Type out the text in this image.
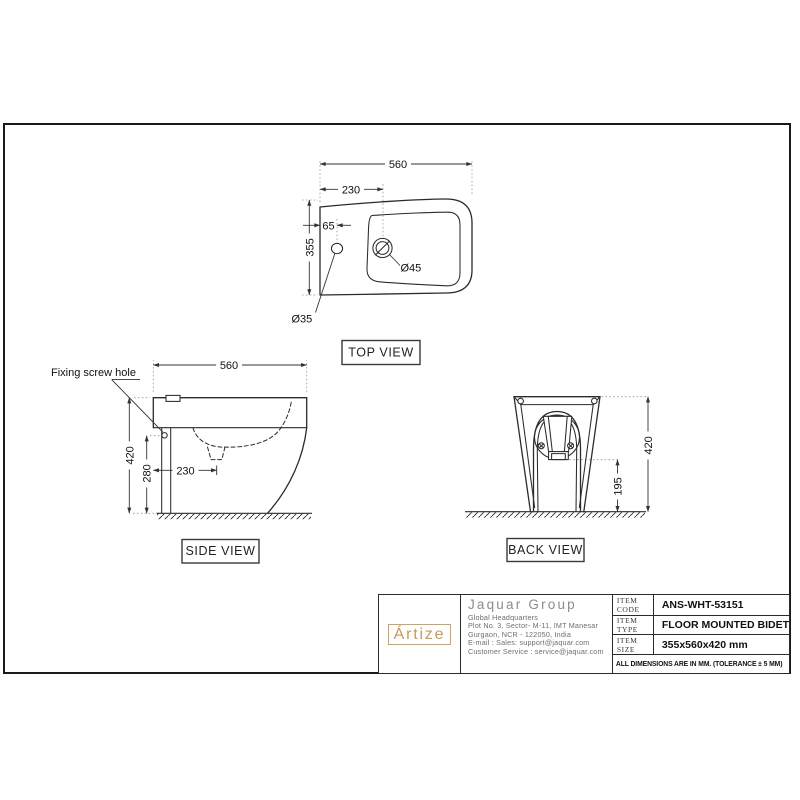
560
230
355
65
Ø45
Ø35
TOP VIEW
560
420
280 230
Fixing screw hole
SIDE VIEW
420
195
BACK VIEW
Ártize
Jaquar Group
Global Headquarters
Plot No. 3, Sector- M-11, IMT Manesar
Gurgaon, NCR - 122050, India
E-mail : Sales: support@jaquar.com
Customer Service : service@jaquar.com
ITEM CODE	ANS-WHT-53151
ITEM TYPE	FLOOR MOUNTED BIDET
ITEM SIZE	355x560x420 mm
ALL DIMENSIONS ARE IN MM. (TOLERANCE ± 5 MM)
